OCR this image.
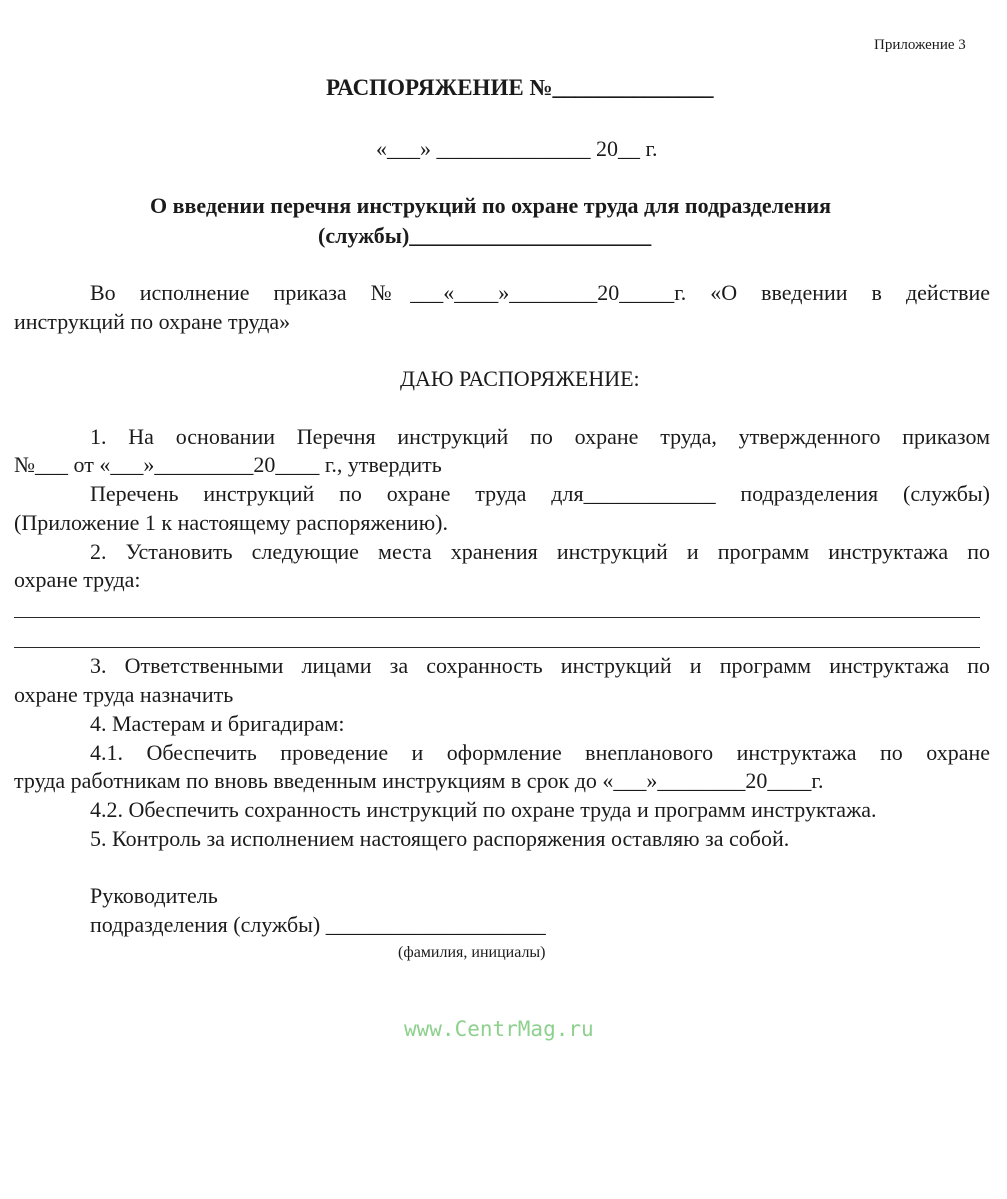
Приложение 3
РАСПОРЯЖЕНИЕ №______________
«___» ______________ 20__ г.
О введении перечня инструкций по охране труда для подразделения
(службы)______________________
Во исполнение приказа №___«____»________20_____г. «О введении в действие
инструкций по охране труда»
ДАЮ РАСПОРЯЖЕНИЕ:
1. На основании Перечня инструкций по охране труда, утвержденного приказом
№___ от «___»_________20____ г., утвердить
Перечень инструкций по охране труда для____________ подразделения (службы)
(Приложение 1 к настоящему распоряжению).
2. Установить следующие места хранения инструкций и программ инструктажа по
охране труда:
3. Ответственными лицами за сохранность инструкций и программ инструктажа по
охране труда назначить
4. Мастерам и бригадирам:
4.1. Обеспечить проведение и оформление внепланового инструктажа по охране
труда работникам по вновь введенным инструкциям в срок до «___»________20____г.
4.2. Обеспечить сохранность инструкций по охране труда и программ инструктажа.
5. Контроль за исполнением настоящего распоряжения оставляю за собой.
Руководитель
подразделения (службы) ____________________
(фамилия, инициалы)
www.CentrMag.ru
